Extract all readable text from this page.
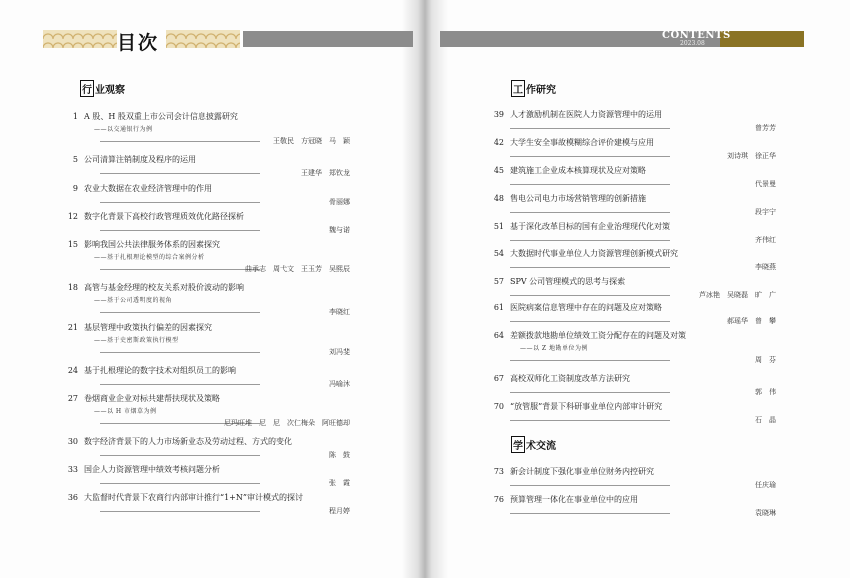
目次	CONTENTS
2023.08
行 业观察	工 作研究
学 术交流
1 A 股、H 股双重上市公司会计信息披露研究
——以交通银行为例
王敬民　方冠晓　马　颖
5 公司清算注销制度及程序的运用
王建华　郑钦龙
9 农业大数据在农业经济管理中的作用
骨丽娜
12 数字化背景下高校行政管理质效优化路径探析
魏与诺
15 影响我国公共法律服务体系的因素探究
——基于扎根理论模型的综合案例分析
曲承志　周弋文　王玉芳　吴熙辰
18 高管与基金经理的校友关系对股价波动的影响
——基于公司透明度的视角
李晓红
21 基层管理中政策执行偏差的因素探究
——基于史密斯政策执行模型
刘冯斐
24 基于扎根理论的数字技术对组织员工的影响
冯喻沐
27 卷烟商业企业对标共建帮扶现状及策略
——以 H 市烟草为例
尼玛旺堆　尼　尼　次仁梅朵　阿旺德却
30 数字经济背景下的人力市场新业态及劳动过程、方式的变化
陈　鼓
33 国企人力资源管理中绩效考核问题分析
张　霞
36 大监督时代背景下农商行内部审计推行“1+N”审计模式的探讨
程月婷
39 人才激励机制在医院人力资源管理中的运用
曾芳芳
42 大学生安全事故模糊综合评价建模与应用
刘诗琪　徐正华
45 建筑施工企业成本核算现状及应对策略
代景曼
48 售电公司电力市场营销管理的创新措施
段宇宁
51 基于深化改革目标的国有企业治理现代化对策
齐伟红
54 大数据时代事业单位人力资源管理创新模式研究
李晓燕
57 SPV 公司管理模式的思考与探索
芦冰艳　吴晓磊　旷　广
61 医院病案信息管理中存在的问题及应对策略
郝瑶华　曾　攀
64 差额拨款地勘单位绩效工资分配存在的问题及对策
——以 Z 地勘单位为例
周　芬
67 高校双师化工资制度改革方法研究
郭　伟
70 “放管服”背景下科研事业单位内部审计研究
石　晶
73 新会计制度下强化事业单位财务内控研究
任庆瑜
76 预算管理一体化在事业单位中的应用
袁晓琳
